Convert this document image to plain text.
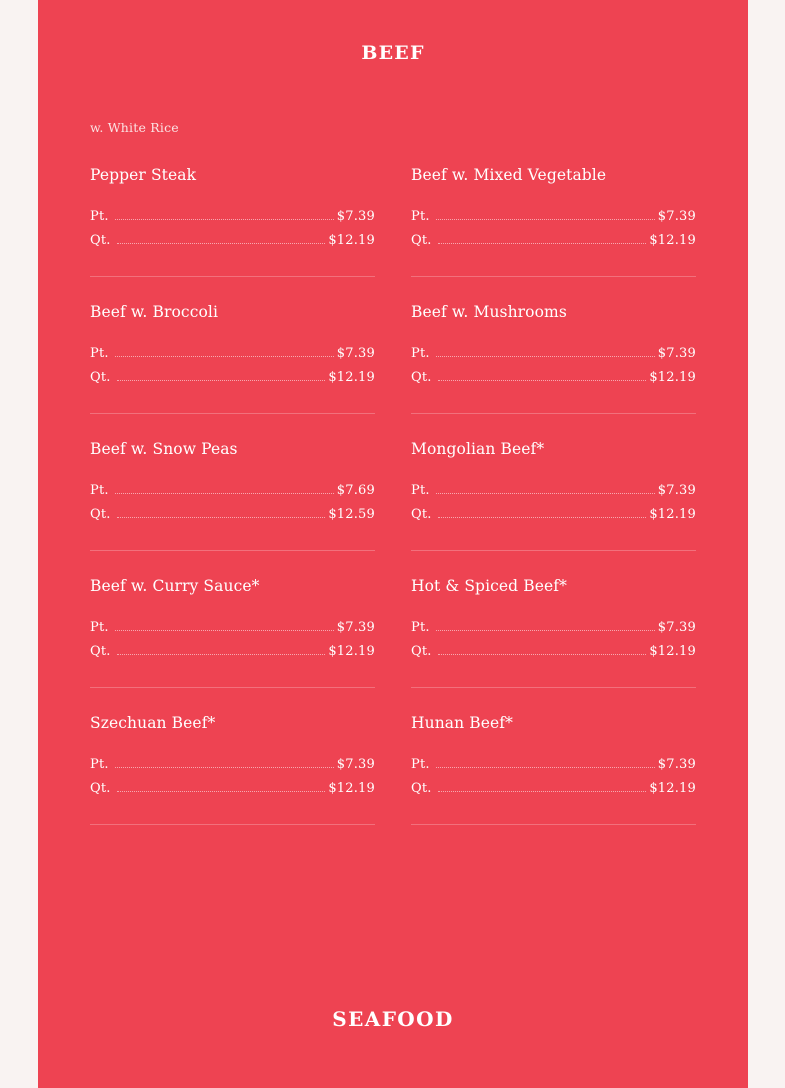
BEEF
w. White Rice
Pepper Steak
Pt.	$7.39
Qt.	$12.19
Beef w. Mixed Vegetable
Pt.	$7.39
Qt.	$12.19
Beef w. Broccoli
Pt.	$7.39
Qt.	$12.19
Beef w. Mushrooms
Pt.	$7.39
Qt.	$12.19
Beef w. Snow Peas
Pt.	$7.69
Qt.	$12.59
Mongolian Beef*
Pt.	$7.39
Qt.	$12.19
Beef w. Curry Sauce*
Pt.	$7.39
Qt.	$12.19
Hot & Spiced Beef*
Pt.	$7.39
Qt.	$12.19
Szechuan Beef*
Pt.	$7.39
Qt.	$12.19
Hunan Beef*
Pt.	$7.39
Qt.	$12.19
SEAFOOD
